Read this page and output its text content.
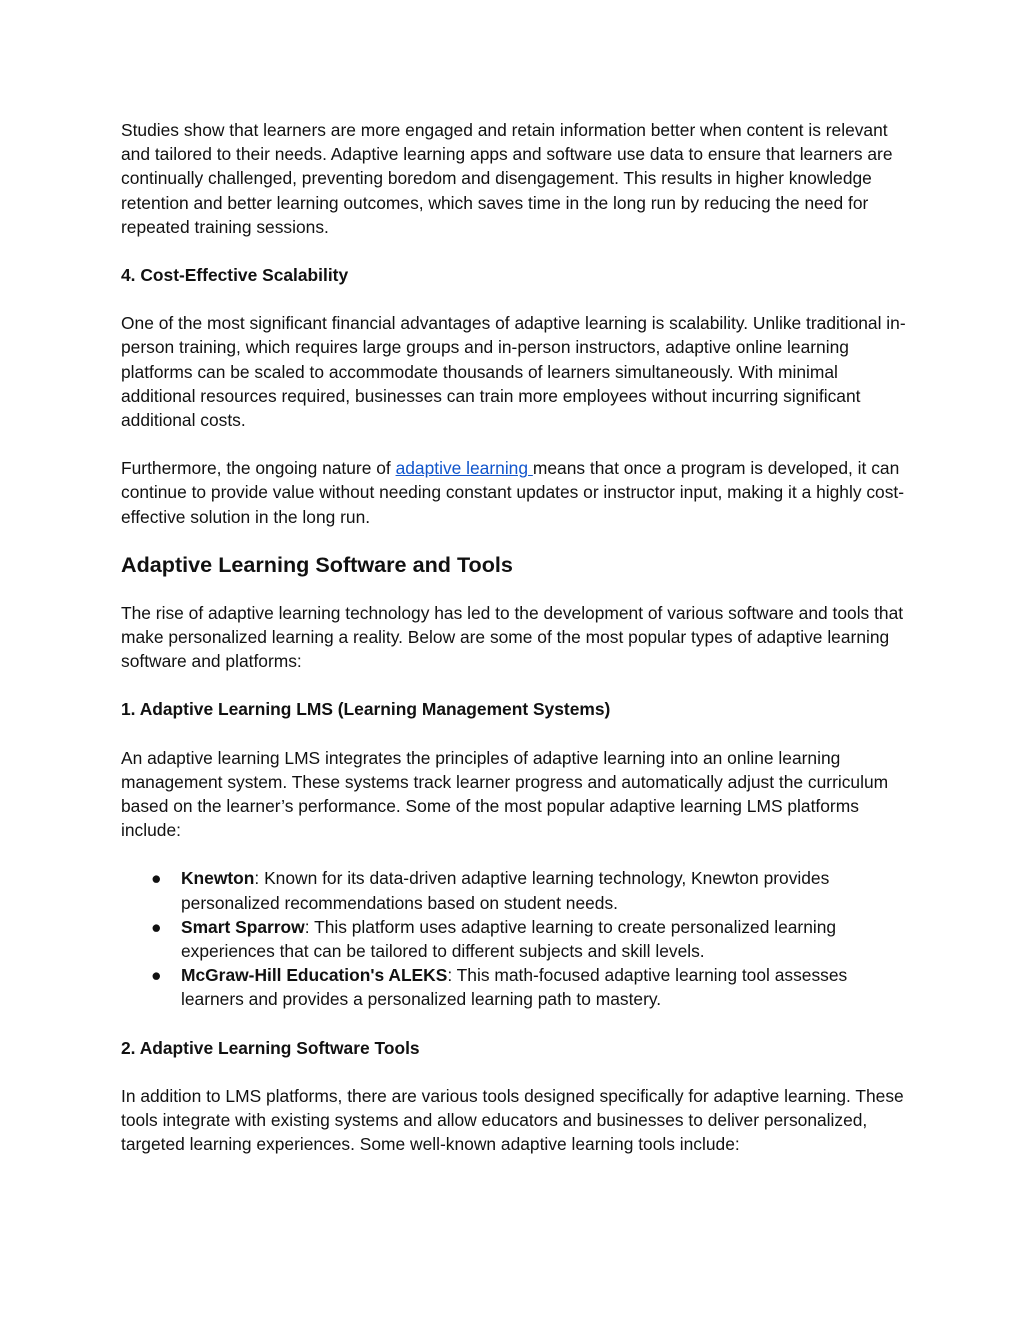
Studies show that learners are more engaged and retain information better when content is relevant and tailored to their needs. Adaptive learning apps and software use data to ensure that learners are continually challenged, preventing boredom and disengagement. This results in higher knowledge retention and better learning outcomes, which saves time in the long run by reducing the need for repeated training sessions.

4. Cost-Effective Scalability

One of the most significant financial advantages of adaptive learning is scalability. Unlike traditional in-person training, which requires large groups and in-person instructors, adaptive online learning platforms can be scaled to accommodate thousands of learners simultaneously. With minimal additional resources required, businesses can train more employees without incurring significant additional costs.

Furthermore, the ongoing nature of adaptive learning means that once a program is developed, it can continue to provide value without needing constant updates or instructor input, making it a highly cost-effective solution in the long run.

Adaptive Learning Software and Tools

The rise of adaptive learning technology has led to the development of various software and tools that make personalized learning a reality. Below are some of the most popular types of adaptive learning software and platforms:

1. Adaptive Learning LMS (Learning Management Systems)

An adaptive learning LMS integrates the principles of adaptive learning into an online learning management system. These systems track learner progress and automatically adjust the curriculum based on the learner’s performance. Some of the most popular adaptive learning LMS platforms include:

● Knewton: Known for its data-driven adaptive learning technology, Knewton provides personalized recommendations based on student needs.
● Smart Sparrow: This platform uses adaptive learning to create personalized learning experiences that can be tailored to different subjects and skill levels.
● McGraw-Hill Education's ALEKS: This math-focused adaptive learning tool assesses learners and provides a personalized learning path to mastery.

2. Adaptive Learning Software Tools

In addition to LMS platforms, there are various tools designed specifically for adaptive learning. These tools integrate with existing systems and allow educators and businesses to deliver personalized, targeted learning experiences. Some well-known adaptive learning tools include:
